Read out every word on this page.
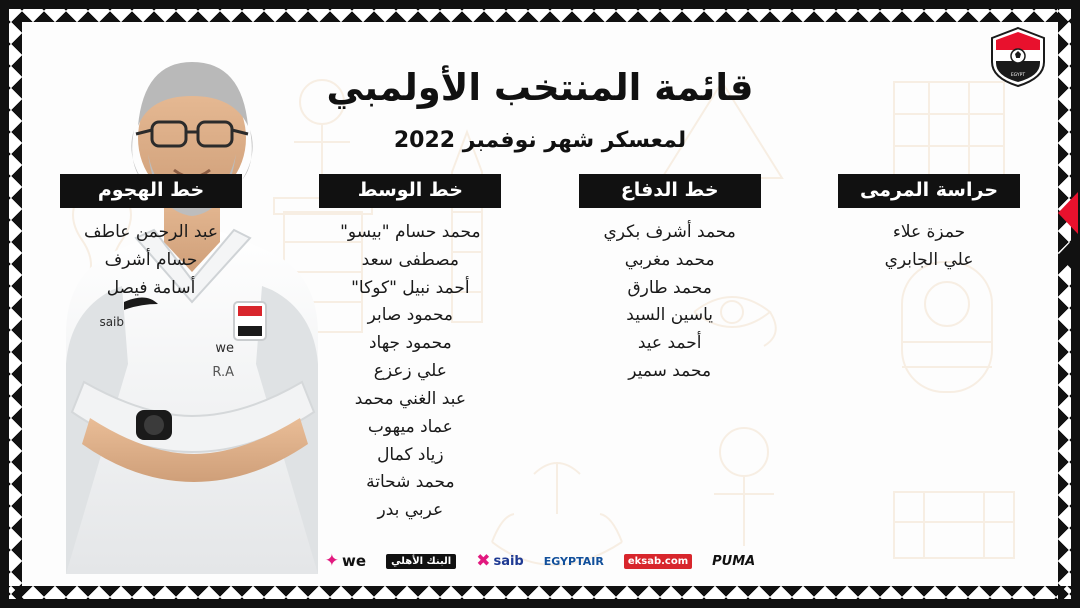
قائمة المنتخب الأولمبي
لمعسكر شهر نوفمبر 2022
saib
we
R.A
حراسة المرمى
حمزة علاء
علي الجابري
خط الدفاع
محمد أشرف بكري
محمد مغربي
محمد طارق
ياسين السيد
أحمد عيد
محمد سمير
خط الوسط
محمد حسام "بيسو"
مصطفى سعد
أحمد نبيل "كوكا"
محمود صابر
محمود جهاد
علي زعزع
عبد الغني محمد
عماد ميهوب
زياد كمال
محمد شحاتة
عربي بدر
خط الهجوم
عبد الرحمن عاطف
حسام أشرف
أسامة فيصل
✦ we	البنك الأهلي ✖ saib EGYPTAIR	eksab.com	PUMA
EGYPT
